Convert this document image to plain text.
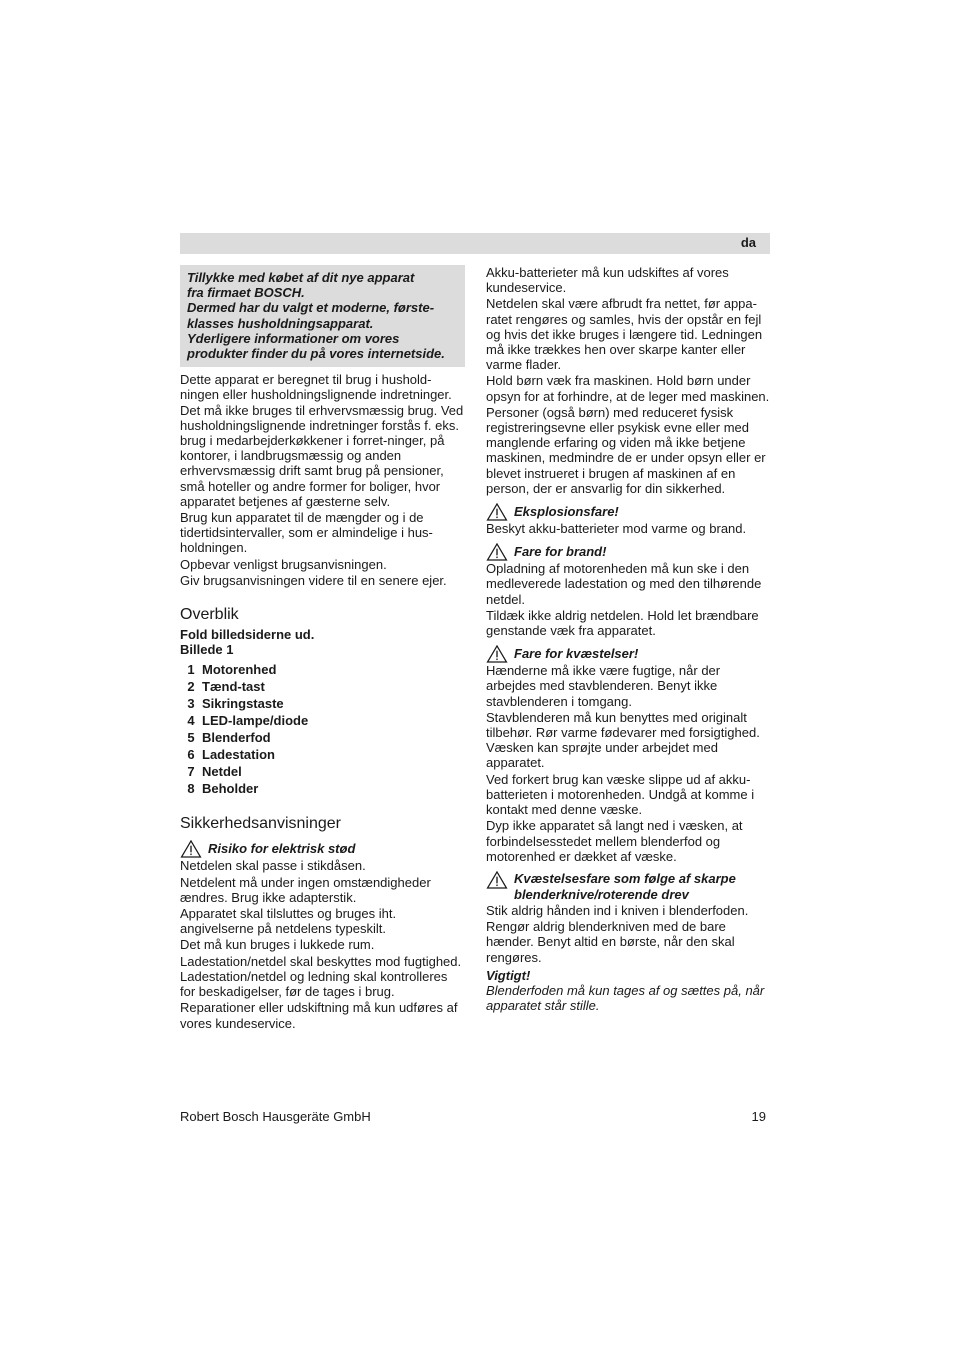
da
Tillykke med købet af dit nye apparat
fra firmaet BOSCH.
Dermed har du valgt et moderne, første-
klasses husholdningsapparat.
Yderligere informationer om vores
produkter finder du på vores internetside.

Dette apparat er beregnet til brug i hushold-ningen eller husholdningslignende indretninger. Det må ikke bruges til erhvervsmæssig brug. Ved husholdningslignende indretninger forstås f. eks. brug i medarbejderkøkkener i forret-ninger, på kontorer, i landbrugsmæssig og anden erhvervsmæssig drift samt brug på pensioner, små hoteller og andre former for boliger, hvor apparatet betjenes af gæsterne selv.

Brug kun apparatet til de mængder og i de tidertidsintervaller, som er almindelige i hus-holdningen.

Opbevar venligst brugsanvisningen.

Giv brugsanvisningen videre til en senere ejer.

Overblik
Fold billedsiderne ud.
Billede 1
1 Motorenhed
2 Tænd-tast
3 Sikringstaste
4 LED-lampe/diode
5 Blenderfod
6 Ladestation
7 Netdel
8 Beholder
Sikkerhedsanvisninger
Risiko for elektrisk stød

Netdelen skal passe i stikdåsen.

Netdelent må under ingen omstændigheder ændres. Brug ikke adapterstik.

Apparatet skal tilsluttes og bruges iht. angivelserne på netdelens typeskilt.

Det må kun bruges i lukkede rum.

Ladestation/netdel skal beskyttes mod fugtighed. Ladestation/netdel og ledning skal kontrolleres for beskadigelser, før de tages i brug.

Reparationer eller udskiftning må kun udføres af vores kundeservice.

Akku-batterieter må kun udskiftes af vores kundeservice.

Netdelen skal være afbrudt fra nettet, før appa-ratet rengøres og samles, hvis der opstår en fejl og hvis det ikke bruges i længere tid. Ledningen må ikke trækkes hen over skarpe kanter eller varme flader.

Hold børn væk fra maskinen. Hold børn under opsyn for at forhindre, at de leger med maskinen.

Personer (også børn) med reduceret fysisk registreringsevne eller psykisk evne eller med manglende erfaring og viden må ikke betjene maskinen, medmindre de er under opsyn eller er blevet instrueret i brugen af maskinen af en person, der er ansvarlig for din sikkerhed.

Eksplosionsfare!

Beskyt akku-batterieter mod varme og brand.

Fare for brand!

Opladning af motorenheden må kun ske i den medleverede ladestation og med den tilhørende netdel.

Tildæk ikke aldrig netdelen. Hold let brændbare genstande væk fra apparatet.

Fare for kvæstelser!

Hænderne må ikke være fugtige, når der arbejdes med stavblenderen. Benyt ikke stavblenderen i tomgang.

Stavblenderen må kun benyttes med originalt tilbehør. Rør varme fødevarer med forsigtighed. Væsken kan sprøjte under arbejdet med apparatet.

Ved forkert brug kan væske slippe ud af akku-batterieten i motorenheden. Undgå at komme i kontakt med denne væske.

Dyp ikke apparatet så langt ned i væsken, at forbindelsesstedet mellem blenderfod og motorenhed er dækket af væske.

Kvæstelsesfare som følge af skarpe
blenderknive/roterende drev

Stik aldrig hånden ind i kniven i blenderfoden.

Rengør aldrig blenderkniven med de bare hænder. Benyt altid en børste, når den skal rengøres.

Vigtigt!

Blenderfoden må kun tages af og sættes på, når apparatet står stille.

Robert Bosch Hausgeräte GmbH	19
